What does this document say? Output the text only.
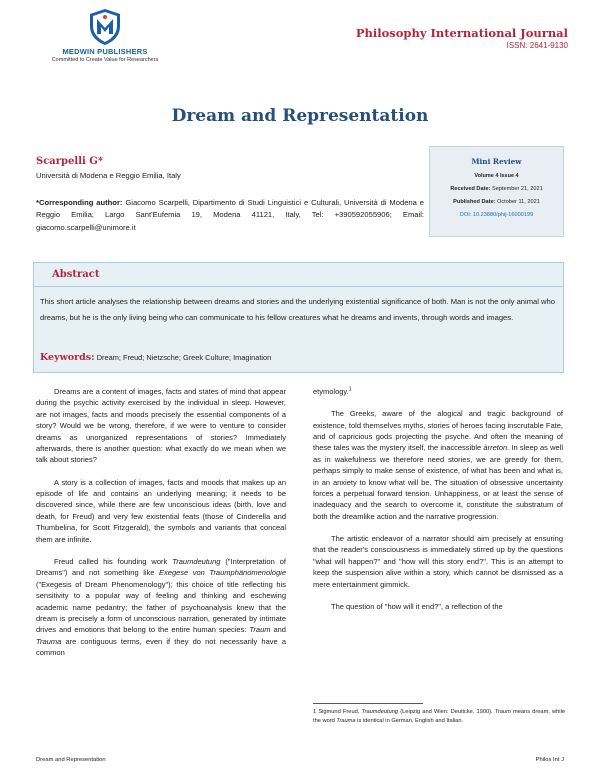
MEDWIN PUBLISHERS
Committed to Create Value for Researchers
Philosophy International Journal
ISSN: 2641-9130
Dream and Representation
Scarpelli G*
Università di Modena e Reggio Emilia, Italy
*Corresponding author: Giacomo Scarpelli, Dipartimento di Studi Linguistici e Culturali, Università di Modena e Reggio Emilia; Largo Sant'Eufemia 19, Modena 41121, Italy, Tel: +390592055906; Email: giacomo.scarpelli@unimore.it
Mini Review
Volume 4 Issue 4
Received Date: September 21, 2021
Published Date: October 11, 2021
DOI: 10.23880/phij-16000199
Abstract
This short article analyses the relationship between dreams and stories and the underlying existential significance of both. Man is not the only animal who dreams, but he is the only living being who can communicate to his fellow creatures what he dreams and invents, through words and images.
Keywords: Dream; Freud; Nietzsche; Greek Culture; Imagination

Dreams are a content of images, facts and states of mind that appear during the psychic activity exercised by the individual in sleep. However, are not images, facts and moods precisely the essential components of a story? Would we be wrong, therefore, if we were to venture to consider dreams as unorganized representations of stories? Immediately afterwards, there is another question: what exactly do we mean when we talk about stories?

A story is a collection of images, facts and moods that makes up an episode of life and contains an underlying meaning; it needs to be discovered since, while there are few unconscious ideas (birth, love and death, for Freud) and very few existential feats (those of Cinderella and Thumbelina, for Scott Fitzgerald), the symbols and variants that conceal them are infinite.

Freud called his founding work Traumdeutung ("Interpretation of Dreams") and not something like Exegese von Traumphänomenologie ("Exegesis of Dream Phenomenology"); this choice of title reflecting his sensitivity to a popular way of feeling and thinking and eschewing academic name pedantry; the father of psychoanalysis knew that the dream is precisely a form of unconscious narration, generated by intimate drives and emotions that belong to the entire human species: Traum and Trauma are contiguous terms, even if they do not necessarily have a common

etymology.$^1$

The Greeks, aware of the alogical and tragic background of existence, told themselves myths, stories of heroes facing inscrutable Fate, and of capricious gods projecting the psyche. And often the meaning of these tales was the mystery itself, the inaccessible àrreton. In sleep as well as in wakefulness we therefore need stories, we are greedy for them, perhaps simply to make sense of existence, of what has been and what is, in an anxiety to know what will be. The situation of obsessive uncertainty forces a perpetual forward tension. Unhappiness, or at least the sense of inadequacy and the search to overcome it, constitute the substratum of both the dreamlike action and the narrative progression.

The artistic endeavor of a narrator should aim precisely at ensuring that the reader's consciousness is immediately stirred up by the questions "what will happen?" and "how will this story end?". This is an attempt to keep the suspension alive within a story, which cannot be dismissed as a mere entertainment gimmick.

The question of "how will it end?", a reflection of the

1 Sigmund Freud, Traumdeutung (Leipzig and Wien: Deuticke, 1900). Traum means dream, while the word Trauma is identical in German, English and Italian.
Dream and Representation	Philos Int J
